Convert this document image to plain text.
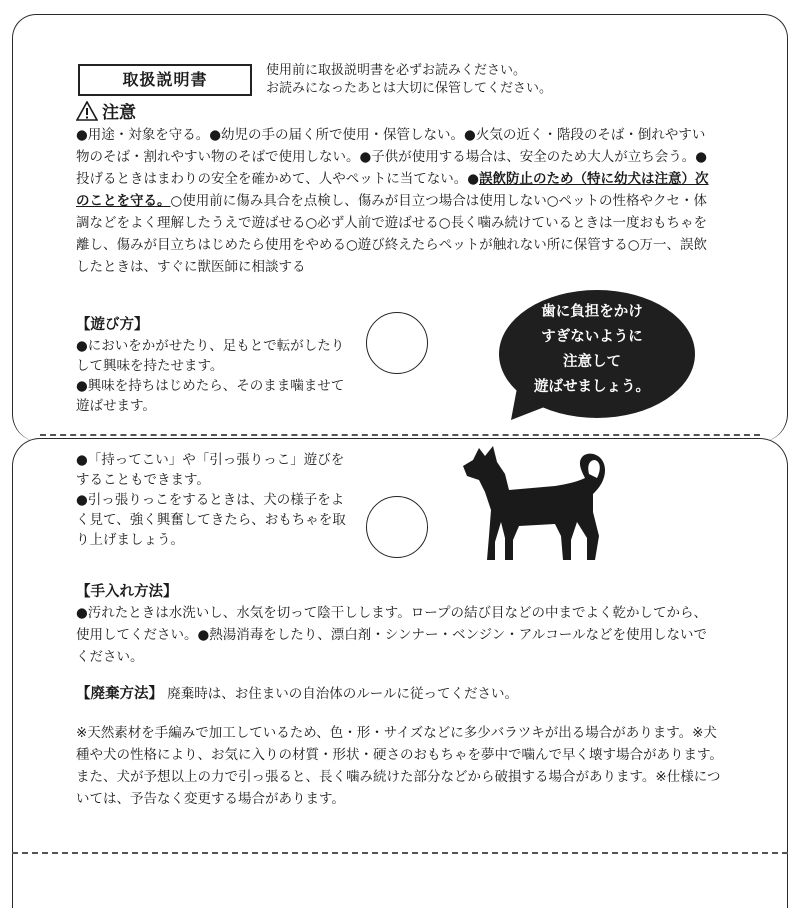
取扱説明書	使用前に取扱説明書を必ずお読みください。
お読みになったあとは大切に保管してください。
注意

●用途・対象を守る。●幼児の手の届く所で使用・保管しない。●火気の近く・階段のそば・倒れやすい物のそば・割れやすい物のそばで使用しない。●子供が使用する場合は、安全のため大人が立ち会う。●投げるときはまわりの安全を確かめて、人やペットに当てない。●誤飲防止のため（特に幼犬は注意）次のことを守る。○使用前に傷み具合を点検し、傷みが目立つ場合は使用しない○ペットの性格やクセ・体調などをよく理解したうえで遊ばせる○必ず人前で遊ばせる○長く噛み続けているときは一度おもちゃを離し、傷みが目立ちはじめたら使用をやめる○遊び終えたらペットが触れない所に保管する○万一、誤飲したときは、すぐに獣医師に相談する

【遊び方】

●においをかがせたり、足もとで転がしたりして興味を持たせます。

●興味を持ちはじめたら、そのまま噛ませて遊ばせます。

歯に負担をかけ
すぎないように
注意して
遊ばせましょう。

●「持ってこい」や「引っ張りっこ」遊びをすることもできます。

●引っ張りっこをするときは、犬の様子をよく見て、強く興奮してきたら、おもちゃを取り上げましょう。

【手入れ方法】
●汚れたときは水洗いし、水気を切って陰干しします。ロープの結び目などの中までよく乾かしてから、使用してください。●熱湯消毒をしたり、漂白剤・シンナー・ベンジン・アルコールなどを使用しないでください。

【廃棄方法】 廃棄時は、お住まいの自治体のルールに従ってください。

※天然素材を手編みで加工しているため、色・形・サイズなどに多少バラツキが出る場合があります。※犬種や犬の性格により、お気に入りの材質・形状・硬さのおもちゃを夢中で噛んで早く壊す場合があります。また、犬が予想以上の力で引っ張ると、長く噛み続けた部分などから破損する場合があります。※仕様については、予告なく変更する場合があります。
